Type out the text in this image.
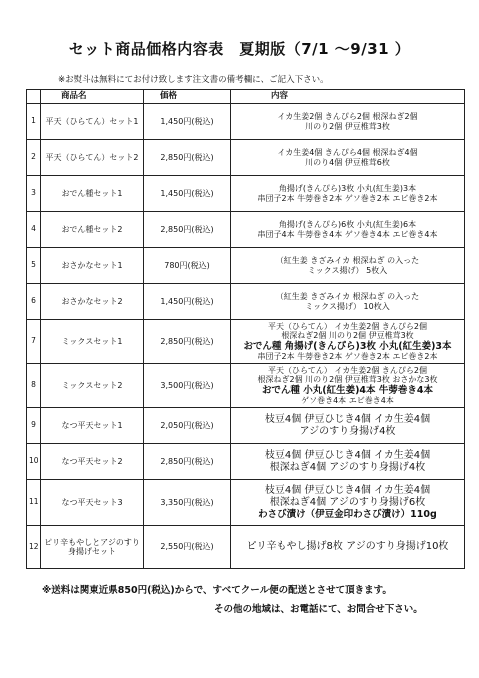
セット商品価格内容表　夏期版（7/1 ～9/31 ）
※お熨斗は無料にてお付け致します注文書の備考欄に、ご記入下さい。
	商品名	価格	内容
1	平天（ひらてん）セット1	1,450円(税込)	イカ生姜2個 きんぴら2個 根深ねぎ2個
川のり2個 伊豆椎茸3枚

2	平天（ひらてん）セット2	2,850円(税込)	イカ生姜4個 きんぴら4個 根深ねぎ4個
川のり4個 伊豆椎茸6枚

3	おでん種セット1	1,450円(税込)	角揚げ(きんぴら)3枚 小丸(紅生姜)3本
串団子2本 牛蒡巻き2本 ゲソ巻き2本 エビ巻き2本

4	おでん種セット2	2,850円(税込)	角揚げ(きんぴら)6枚 小丸(紅生姜)6本
串団子4本 牛蒡巻き4本 ゲソ巻き4本 エビ巻き4本

5	おさかなセット1	780円(税込)	（紅生姜 きざみイカ 根深ねぎ の入った
ミックス揚げ） 5枚入

6	おさかなセット2	1,450円(税込)	（紅生姜 きざみイカ 根深ねぎ の入った
ミックス揚げ） 10枚入

7	ミックスセット1	2,850円(税込)	平天（ひらてん） イカ生姜2個 きんぴら2個
根深ねぎ2個 川のり2個 伊豆椎茸3枚
おでん種 角揚げ(きんぴら)3枚 小丸(紅生姜)3本
串団子2本 牛蒡巻き2本 ゲソ巻き2本 エビ巻き2本

8	ミックスセット2	3,500円(税込)	平天（ひらてん） イカ生姜2個 きんぴら2個
根深ねぎ2個 川のり2個 伊豆椎茸3枚 おさかな3枚
おでん種 小丸(紅生姜)4本 牛蒡巻き4本
ゲソ巻き4本 エビ巻き4本

9	なつ平天セット1	2,050円(税込)	枝豆4個 伊豆ひじき4個 イカ生姜4個
アジのすり身揚げ4枚

10	なつ平天セット2	2,850円(税込)	枝豆4個 伊豆ひじき4個 イカ生姜4個
根深ねぎ4個 アジのすり身揚げ4枚

11	なつ平天セット3	3,350円(税込)	枝豆4個 伊豆ひじき4個 イカ生姜4個
根深ねぎ4個 アジのすり身揚げ6枚
わさび漬け（伊豆金印わさび漬け）110g

12	ピリ辛もやしとアジのすり身揚げセット	2,550円(税込)	ピリ辛もやし揚げ8枚 アジのすり身揚げ10枚
※送料は関東近県850円(税込)からで、すべてクール便の配送とさせて頂きます。
その他の地域は、お電話にて、お問合せ下さい。
